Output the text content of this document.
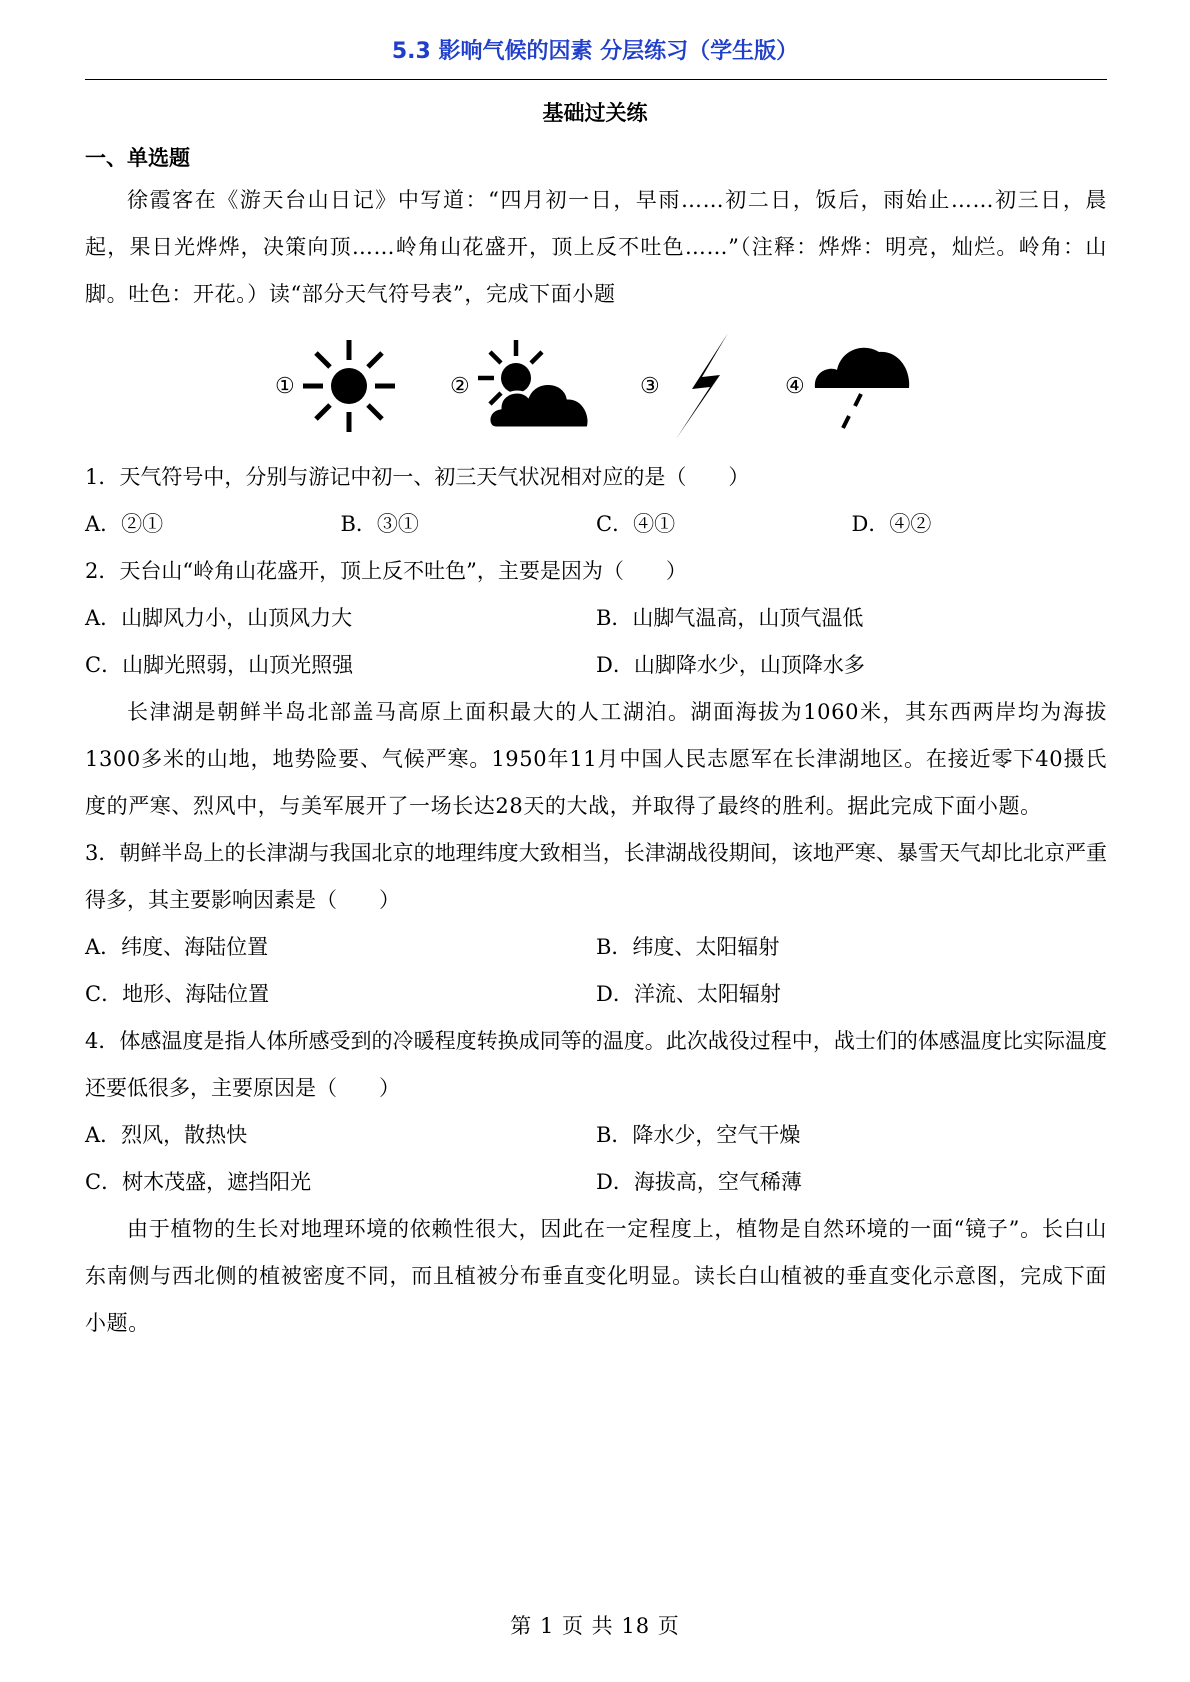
5.3 影响气候的因素 分层练习（学生版）
基础过关练
一、单选题

徐霞客在《游天台山日记》中写道：“四月初一日，早雨……初二日，饭后，雨始止……初三日，晨起，果日光烨烨，决策向顶……岭角山花盛开，顶上反不吐色……”（注释：烨烨：明亮，灿烂。岭角：山脚。吐色：开花。）读“部分天气符号表”，完成下面小题

①	②	③	④

1．天气符号中，分别与游记中初一、初三天气状况相对应的是（　　）

A．②①	B．③①	C．④①	D．④②

2．天台山“岭角山花盛开，顶上反不吐色”，主要是因为（　　）

A．山脚风力小，山顶风力大	B．山脚气温高，山顶气温低
C．山脚光照弱，山顶光照强	D．山脚降水少，山顶降水多

长津湖是朝鲜半岛北部盖马高原上面积最大的人工湖泊。湖面海拔为1060米，其东西两岸均为海拔1300多米的山地，地势险要、气候严寒。1950年11月中国人民志愿军在长津湖地区。在接近零下40摄氏度的严寒、烈风中，与美军展开了一场长达28天的大战，并取得了最终的胜利。据此完成下面小题。

3．朝鲜半岛上的长津湖与我国北京的地理纬度大致相当，长津湖战役期间，该地严寒、暴雪天气却比北京严重得多，其主要影响因素是（　　）

A．纬度、海陆位置	B．纬度、太阳辐射
C．地形、海陆位置	D．洋流、太阳辐射

4．体感温度是指人体所感受到的冷暖程度转换成同等的温度。此次战役过程中，战士们的体感温度比实际温度还要低很多，主要原因是（　　）

A．烈风，散热快	B．降水少，空气干燥
C．树木茂盛，遮挡阳光	D．海拔高，空气稀薄

由于植物的生长对地理环境的依赖性很大，因此在一定程度上，植物是自然环境的一面“镜子”。长白山东南侧与西北侧的植被密度不同，而且植被分布垂直变化明显。读长白山植被的垂直变化示意图，完成下面小题。

第 1 页 共 18 页
